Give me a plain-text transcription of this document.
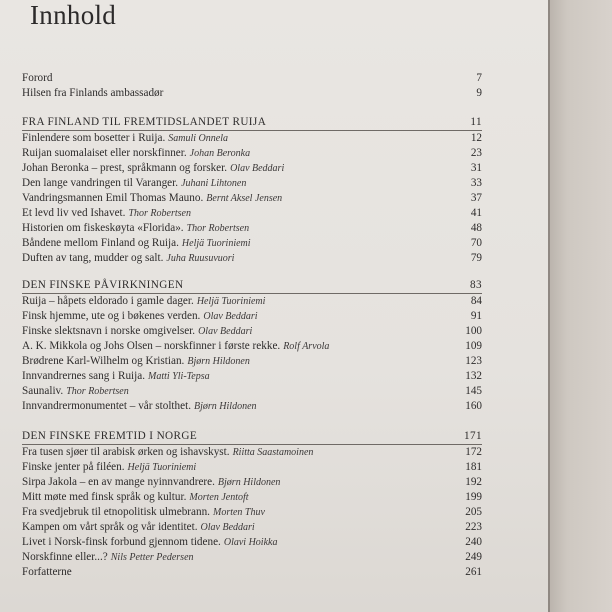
Innhold
Forord	7
Hilsen fra Finlands ambassadør	9
FRA FINLAND TIL FREMTIDSLANDET RUIJA	11
Finlendere som bosetter i Ruija. Samuli Onnela	12
Ruijan suomalaiset eller norskfinner. Johan Beronka	23
Johan Beronka – prest, språkmann og forsker. Olav Beddari	31
Den lange vandringen til Varanger. Juhani Lihtonen	33
Vandringsmannen Emil Thomas Mauno. Bernt Aksel Jensen	37
Et levd liv ved Ishavet. Thor Robertsen	41
Historien om fiskeskøyta «Florida». Thor Robertsen	48
Båndene mellom Finland og Ruija. Heljä Tuoriniemi	70
Duften av tang, mudder og salt. Juha Ruusuvuori	79
DEN FINSKE PÅVIRKNINGEN	83
Ruija – håpets eldorado i gamle dager. Heljä Tuoriniemi	84
Finsk hjemme, ute og i bøkenes verden. Olav Beddari	91
Finske slektsnavn i norske omgivelser. Olav Beddari	100
A. K. Mikkola og Johs Olsen – norskfinner i første rekke. Rolf Arvola	109
Brødrene Karl-Wilhelm og Kristian. Bjørn Hildonen	123
Innvandrernes sang i Ruija. Matti Yli-Tepsa	132
Saunaliv. Thor Robertsen	145
Innvandrermonumentet – vår stolthet. Bjørn Hildonen	160
DEN FINSKE FREMTID I NORGE	171
Fra tusen sjøer til arabisk ørken og ishavskyst. Riitta Saastamoinen	172
Finske jenter på filéen. Heljä Tuoriniemi	181
Sirpa Jakola – en av mange nyinnvandrere. Bjørn Hildonen	192
Mitt møte med finsk språk og kultur. Morten Jentoft	199
Fra svedjebruk til etnopolitisk ulmebrann. Morten Thuv	205
Kampen om vårt språk og vår identitet. Olav Beddari	223
Livet i Norsk-finsk forbund gjennom tidene. Olavi Hoikka	240
Norskfinne eller...? Nils Petter Pedersen	249
Forfatterne	261
